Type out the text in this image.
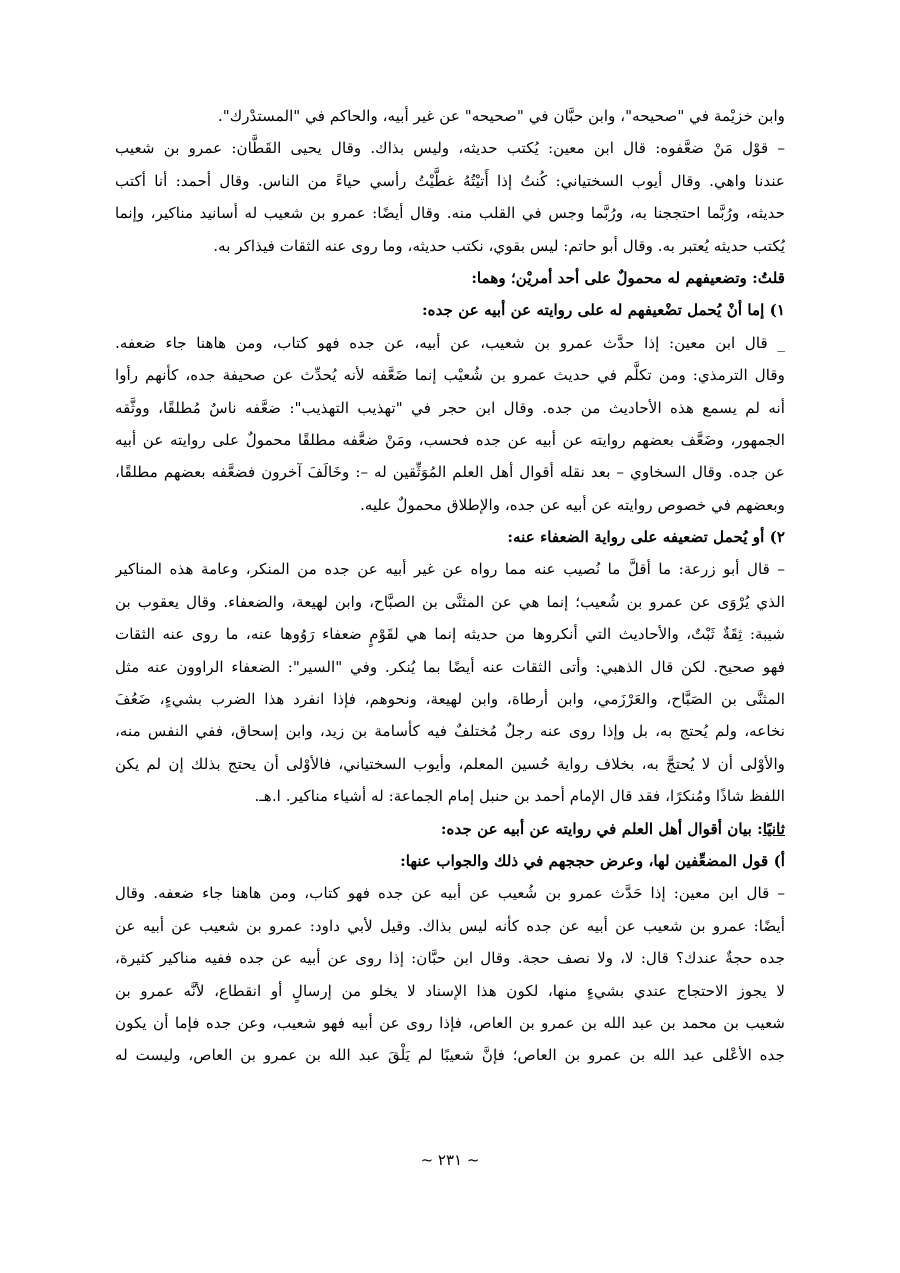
وابن خزيْمة في "صحيحه"، وابن حبَّان في "صحيحه" عن غير أبيه، والحاكم في "المستدْرك".
– قوْل مَنْ ضعَّفوه: قال ابن معين: يُكتب حديثه، وليس بذاك. وقال يحيى القَطَّان: عمرو بن شعيب
عندنا واهي. وقال أيوب السختياني: كُنتُ إذا أَتيْتُهُ غطَّيْتُ رأسي حياءً من الناس. وقال أحمد: أنا أكتب
حديثه، ورُبَّما احتججنا به، ورُبَّما وجس في القلب منه. وقال أيضًا: عمرو بن شعيب له أسانيد مناكير، وإنما
يُكتب حديثه يُعتبر به. وقال أبو حاتم: ليس بقوي، نكتب حديثه، وما روى عنه الثقات فيذاكر به.
قلتُ: وتضعيفهم له محمولٌ على أحد أمريْن؛ وهما:
١) إما أنْ يُحمل تضْعيفهم له على روايته عن أبيه عن جده:
_ قال ابن معين: إذا حدَّث عمرو بن شعيب، عن أبيه، عن جده فهو كتاب، ومن هاهنا جاء ضعفه.
وقال الترمذي: ومن تكلَّم في حديث عمرو بن شُعيْب إنما ضَعَّفه لأنه يُحدِّث عن صحيفة جده، كأنهم رأوا
أنه لم يسمع هذه الأحاديث من جده. وقال ابن حجر في "تهذيب التهذيب": ضعَّفه ناسٌ مُطلقًا، ووثَّقه
الجمهور، وضَعَّف بعضهم روايته عن أبيه عن جده فحسب، ومَنْ ضعَّفه مطلقًا محمولٌ على روايته عن أبيه
عن جده. وقال السخاوي – بعد نقله أقوال أهل العلم المُوَثِّقين له –: وخَالَفَ آخرون فضعَّفه بعضهم مطلقًا،
وبعضهم في خصوص روايته عن أبيه عن جده، والإطلاق محمولٌ عليه.
٢) أو يُحمل تضعيفه على رواية الضعفاء عنه:
– قال أبو زرعة: ما أقلَّ ما نُصيب عنه مما رواه عن غير أبيه عن جده من المنكر، وعامة هذه المناكير
الذي يُرْوَى عن عمرو بن شُعيب؛ إنما هي عن المثنَّى بن الصبَّاح، وابن لهيعة، والضعفاء. وقال يعقوب بن
شيبة: ثِقَةٌ ثَبْتٌ، والأحاديث التي أنكروها من حديثه إنما هي لقَوْمٍ ضعفاء رَوُوها عنه، ما روى عنه الثقات
فهو صحيح. لكن قال الذهبي: وأتى الثقات عنه أيضًا بما يُنكر. وفي "السير": الضعفاء الراوون عنه مثل
المثنَّى بن الصَبَّاح، والعَرْزَمي، وابن أرطاة، وابن لهيعة، ونحوهم، فإذا انفرد هذا الضرب بشيءٍ، ضَعُفَ
نخاعه، ولم يُحتج به، بل وإذا روى عنه رجلٌ مُختلفٌ فيه كأسامة بن زيد، وابن إسحاق، ففي النفس منه،
والأوْلى أن لا يُحتجَّ به، بخلاف رواية حُسين المعلم، وأيوب السختياني، فالأوْلى أن يحتج بذلك إن لم يكن
اللفظ شاذًا ومُنكرًا، فقد قال الإمام أحمد بن حنبل إمام الجماعة: له أشياء مناكير. ا.هـ.
ثانيًا: بيان أقوال أهل العلم في روايته عن أبيه عن جده:
أ) قول المضعِّفين لها، وعرض حججهم في ذلك والجواب عنها:
– قال ابن معين: إذا حَدَّث عمرو بن شُعيب عن أبيه عن جده فهو كتاب، ومن هاهنا جاء ضعفه. وقال
أيضًا: عمرو بن شعيب عن أبيه عن جده كأنه ليس بذاك. وقيل لأبي داود: عمرو بن شعيب عن أبيه عن
جده حجةٌ عندك؟ قال: لا، ولا نصف حجة. وقال ابن حبَّان: إذا روى عن أبيه عن جده ففيه مناكير كثيرة،
لا يجوز الاحتجاج عندي بشيءٍ منها، لكون هذا الإسناد لا يخلو من إرسالٍ أو انقطاع، لأنَّه عمرو بن
شعيب بن محمد بن عبد الله بن عمرو بن العاص، فإذا روى عن أبيه فهو شعيب، وعن جده فإما أن يكون
جده الأعْلى عبد الله بن عمرو بن العاص؛ فإنَّ شعيبًا لم يَلْقَ عبد الله بن عمرو بن العاص، وليست له
~ ٢٣١ ~
